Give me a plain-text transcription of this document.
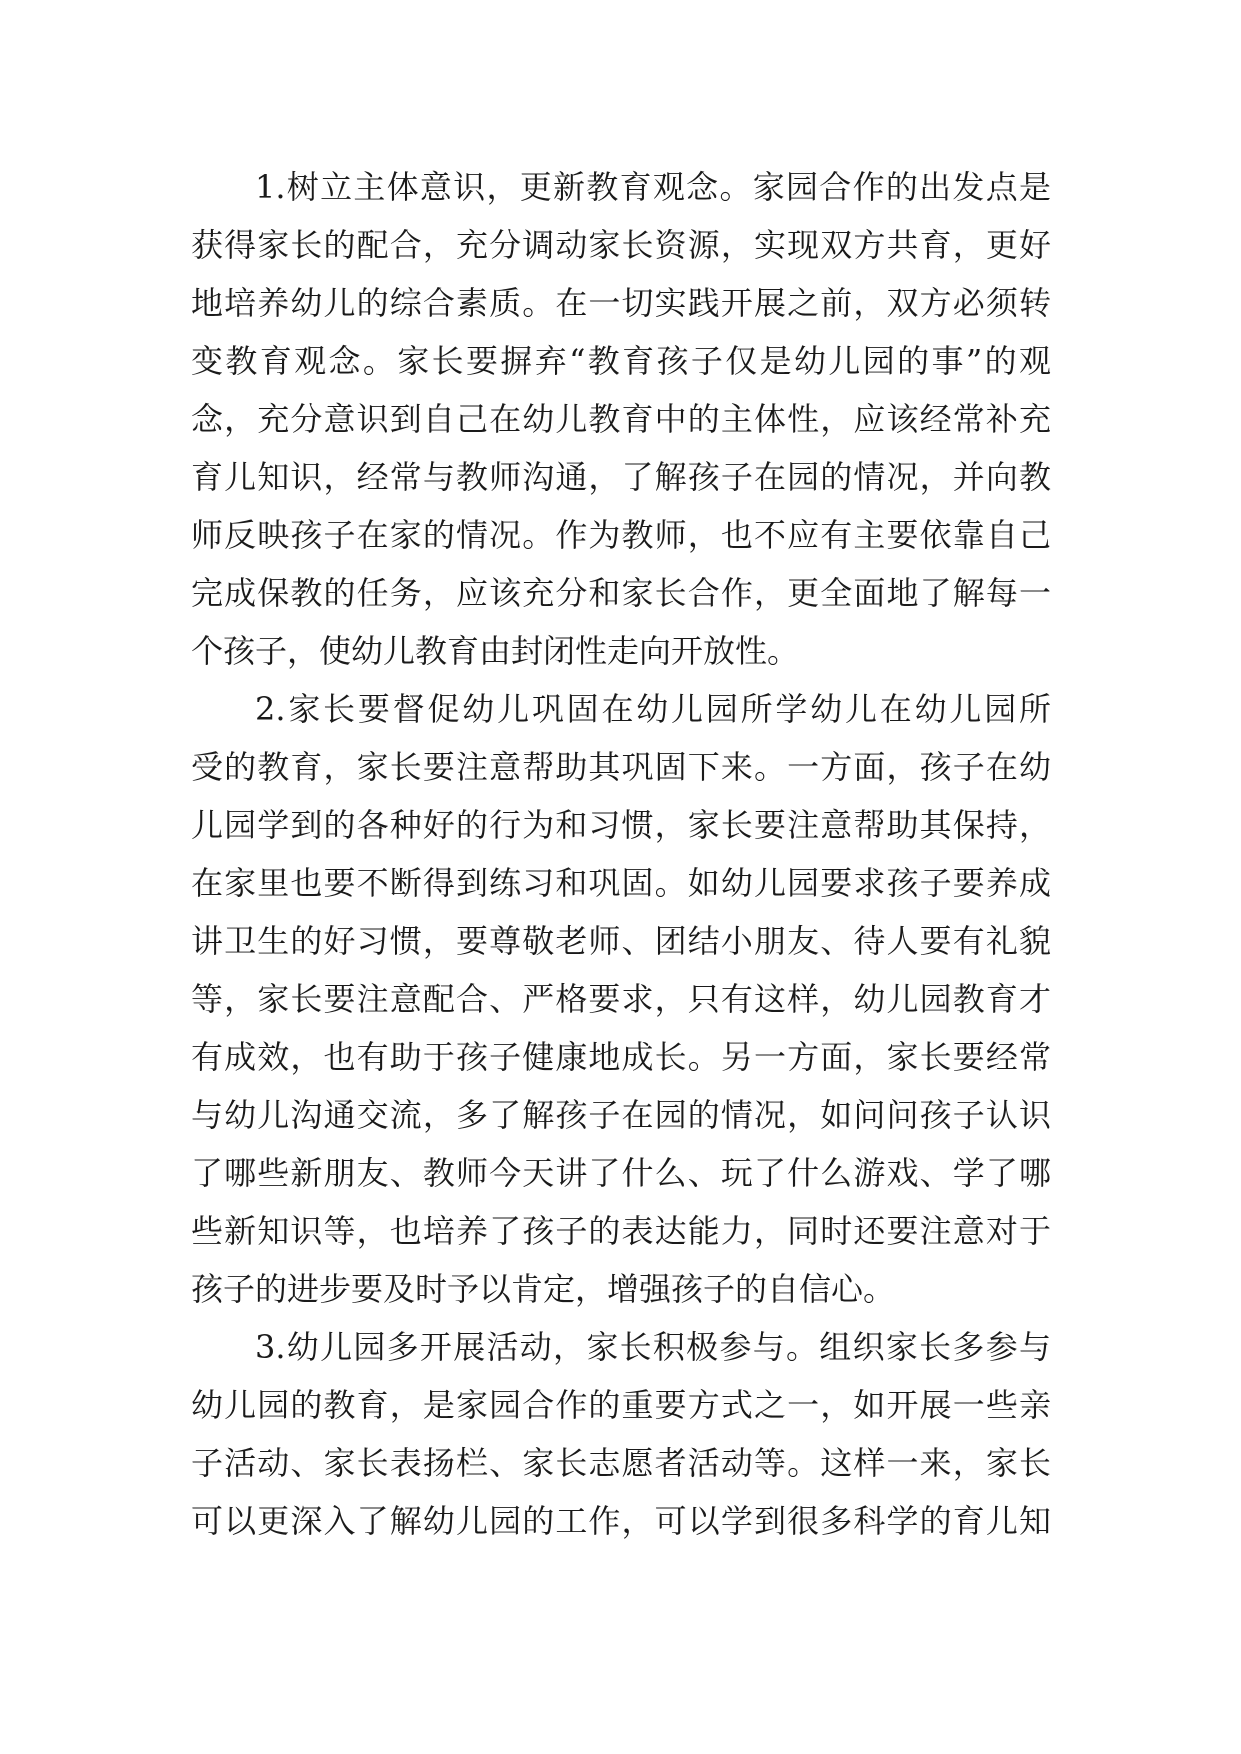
1.树立主体意识，更新教育观念。家园合作的出发点是
获得家长的配合，充分调动家长资源，实现双方共育，更好
地培养幼儿的综合素质。在一切实践开展之前，双方必须转
变教育观念。家长要摒弃“教育孩子仅是幼儿园的事”的观
念，充分意识到自己在幼儿教育中的主体性，应该经常补充
育儿知识，经常与教师沟通，了解孩子在园的情况，并向教
师反映孩子在家的情况。作为教师，也不应有主要依靠自己
完成保教的任务，应该充分和家长合作，更全面地了解每一
个孩子，使幼儿教育由封闭性走向开放性。
2.家长要督促幼儿巩固在幼儿园所学幼儿在幼儿园所
受的教育，家长要注意帮助其巩固下来。一方面，孩子在幼
儿园学到的各种好的行为和习惯，家长要注意帮助其保持，
在家里也要不断得到练习和巩固。如幼儿园要求孩子要养成
讲卫生的好习惯，要尊敬老师、团结小朋友、待人要有礼貌
等，家长要注意配合、严格要求，只有这样，幼儿园教育才
有成效，也有助于孩子健康地成长。另一方面，家长要经常
与幼儿沟通交流，多了解孩子在园的情况，如问问孩子认识
了哪些新朋友、教师今天讲了什么、玩了什么游戏、学了哪
些新知识等，也培养了孩子的表达能力，同时还要注意对于
孩子的进步要及时予以肯定，增强孩子的自信心。
3.幼儿园多开展活动，家长积极参与。组织家长多参与
幼儿园的教育，是家园合作的重要方式之一，如开展一些亲
子活动、家长表扬栏、家长志愿者活动等。这样一来，家长
可以更深入了解幼儿园的工作，可以学到很多科学的育儿知
